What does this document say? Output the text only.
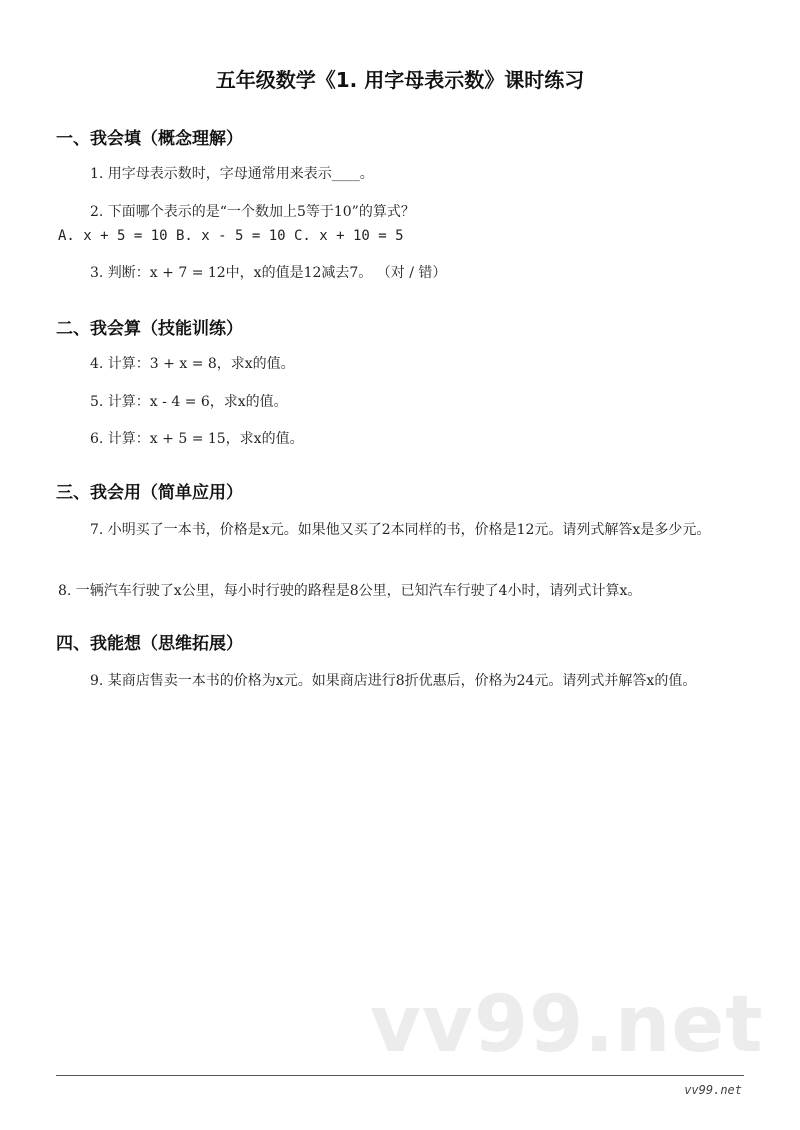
五年级数学《1. 用字母表示数》课时练习
一、我会填（概念理解）
1. 用字母表示数时，字母通常用来表示____。
2. 下面哪个表示的是“一个数加上5等于10”的算式？
A. x + 5 = 10 B. x - 5 = 10 C. x + 10 = 5
3. 判断：x + 7 = 12中，x的值是12减去7。 （对 / 错）
二、我会算（技能训练）
4. 计算：3 + x = 8，求x的值。
5. 计算：x - 4 = 6，求x的值。
6. 计算：x + 5 = 15，求x的值。
三、我会用（简单应用）
7. 小明买了一本书，价格是x元。如果他又买了2本同样的书，价格是12元。请列式解答x是多少元。
8. 一辆汽车行驶了x公里，每小时行驶的路程是8公里，已知汽车行驶了4小时，请列式计算x。
四、我能想（思维拓展）
9. 某商店售卖一本书的价格为x元。如果商店进行8折优惠后，价格为24元。请列式并解答x的值。
vv99.net
vv99.net
